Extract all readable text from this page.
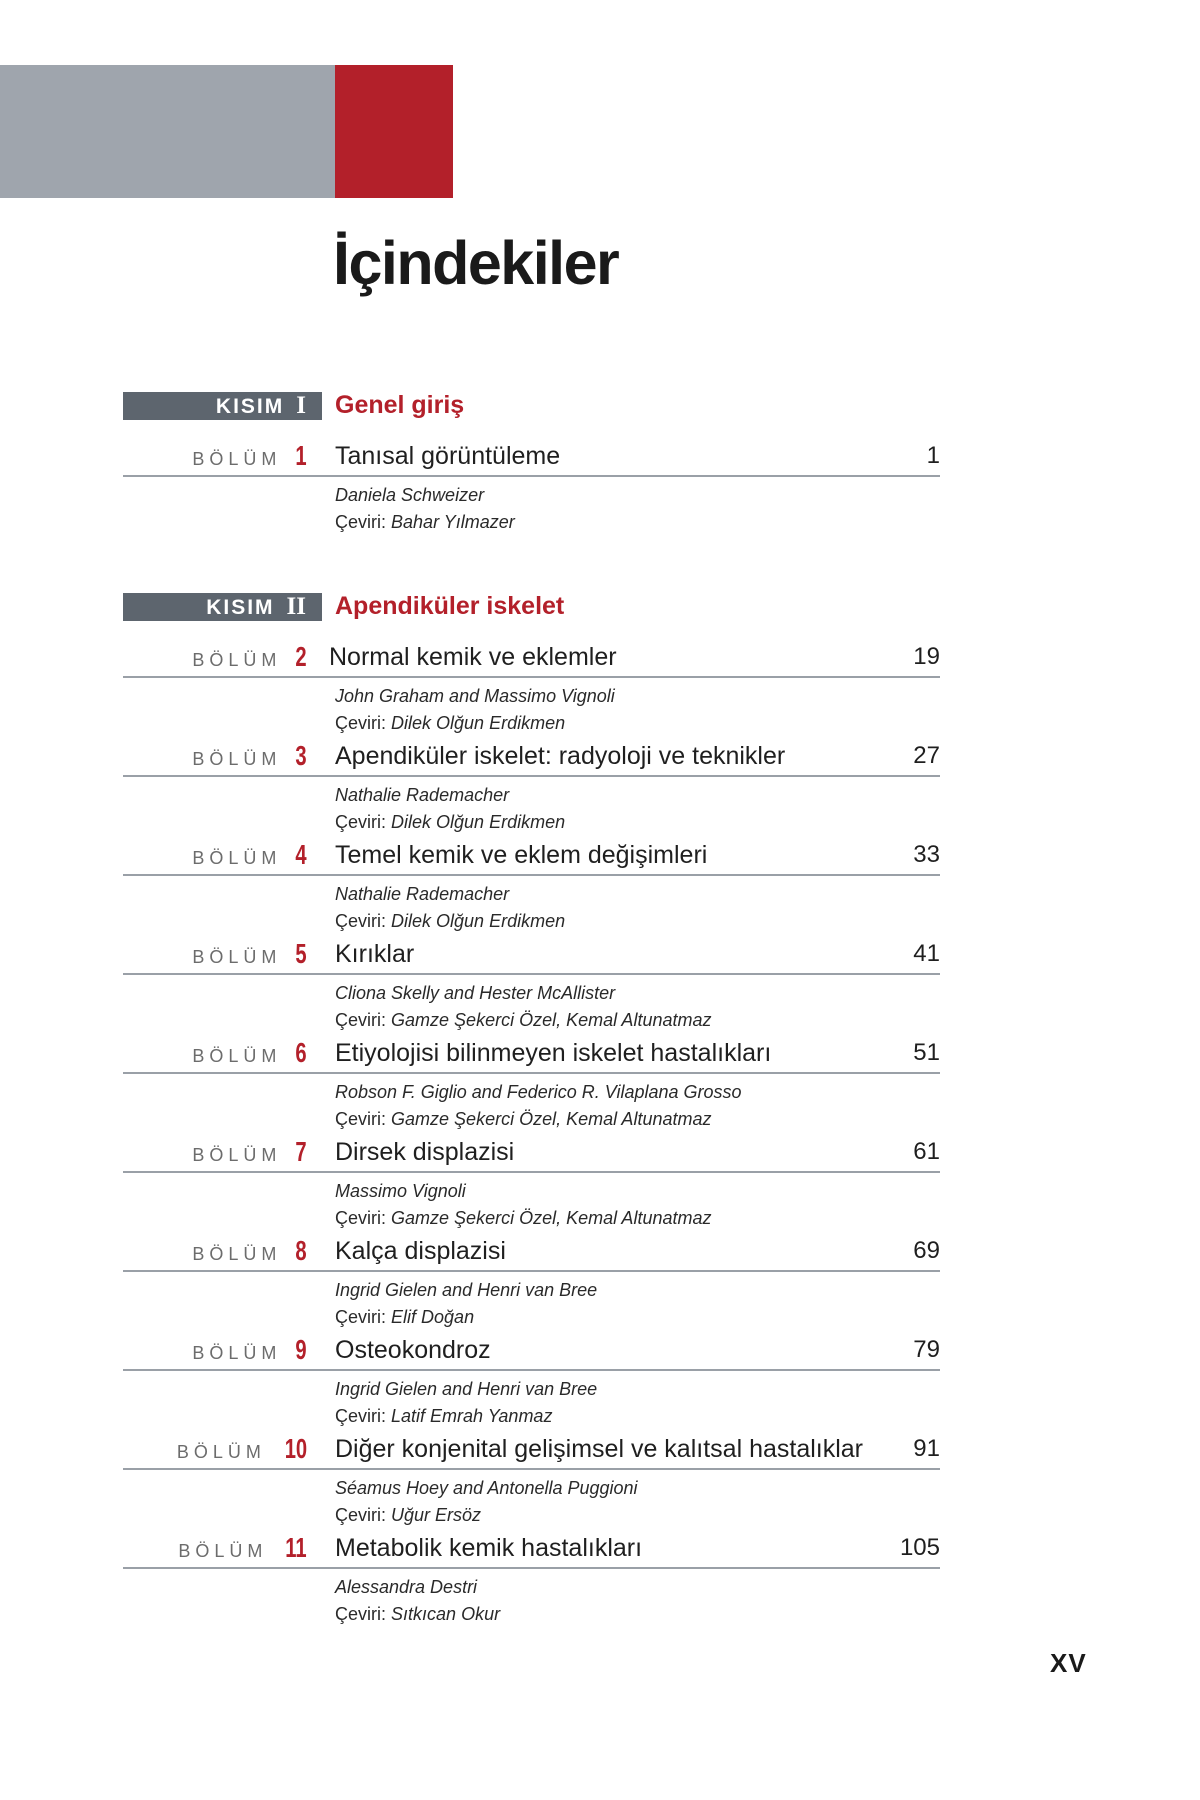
İçindekiler
KISIM I	Genel giriş
BÖLÜM 1 Tanısal görüntüleme	1
Daniela Schweizer
Çeviri: Bahar Yılmazer
KISIM II	Apendiküler iskelet
BÖLÜM 2 Normal kemik ve eklemler	19
John Graham and Massimo Vignoli
Çeviri: Dilek Olğun Erdikmen
BÖLÜM 3 Apendiküler iskelet: radyoloji ve teknikler	27
Nathalie Rademacher
Çeviri: Dilek Olğun Erdikmen
BÖLÜM 4 Temel kemik ve eklem değişimleri	33
Nathalie Rademacher
Çeviri: Dilek Olğun Erdikmen
BÖLÜM 5 Kırıklar	41
Cliona Skelly and Hester McAllister
Çeviri: Gamze Şekerci Özel, Kemal Altunatmaz
BÖLÜM 6 Etiyolojisi bilinmeyen iskelet hastalıkları	51
Robson F. Giglio and Federico R. Vilaplana Grosso
Çeviri: Gamze Şekerci Özel, Kemal Altunatmaz
BÖLÜM 7 Dirsek displazisi	61
Massimo Vignoli
Çeviri: Gamze Şekerci Özel, Kemal Altunatmaz
BÖLÜM 8 Kalça displazisi	69
Ingrid Gielen and Henri van Bree
Çeviri: Elif Doğan
BÖLÜM 9 Osteokondroz	79
Ingrid Gielen and Henri van Bree
Çeviri: Latif Emrah Yanmaz
BÖLÜM 10 Diğer konjenital gelişimsel ve kalıtsal hastalıklar 91
Séamus Hoey and Antonella Puggioni
Çeviri: Uğur Ersöz
BÖLÜM 11 Metabolik kemik hastalıkları	105
Alessandra Destri
Çeviri: Sıtkıcan Okur
XV
